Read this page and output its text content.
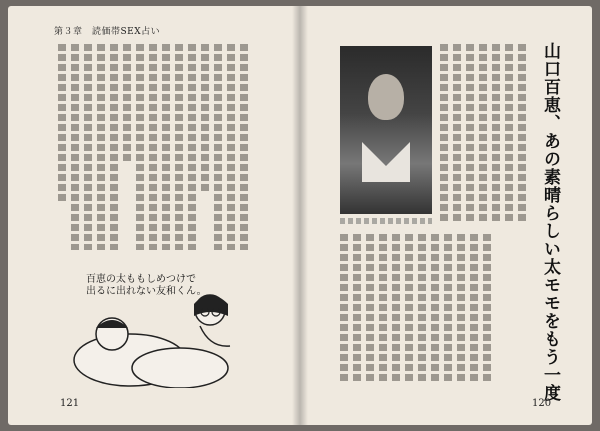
第３章　読価帯SEX占い
百恵の太ももしめつけで
出るに出れない友和くん。
121
山口百恵、あの素晴らしい太モモをもう一度
120
